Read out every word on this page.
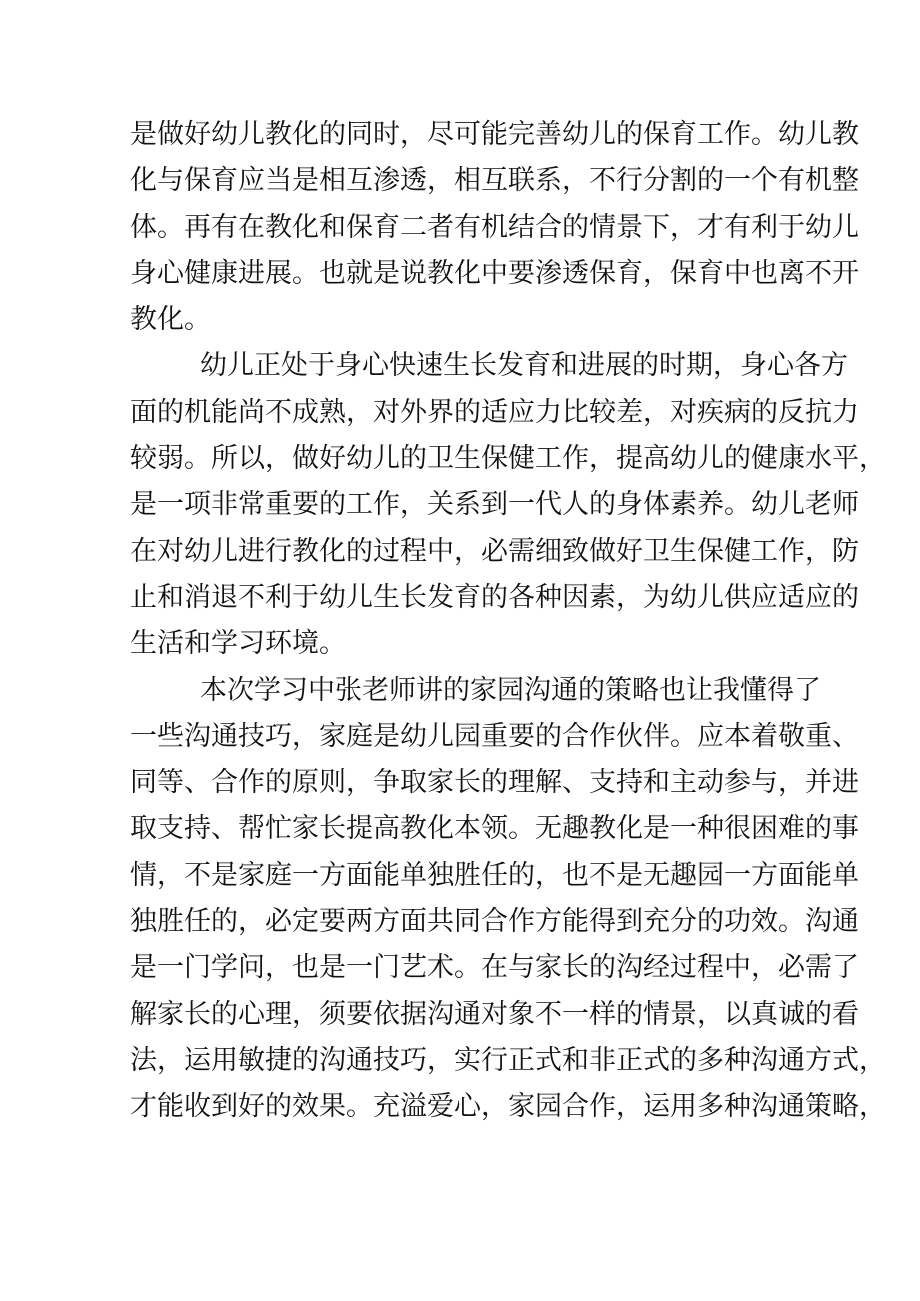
是做好幼儿教化的同时，尽可能完善幼儿的保育工作。幼儿教
化与保育应当是相互渗透，相互联系，不行分割的一个有机整
体。再有在教化和保育二者有机结合的情景下，才有利于幼儿
身心健康进展。也就是说教化中要渗透保育，保育中也离不开
教化。
幼儿正处于身心快速生长发育和进展的时期，身心各方
面的机能尚不成熟，对外界的适应力比较差，对疾病的反抗力
较弱。所以，做好幼儿的卫生保健工作，提高幼儿的健康水平，
是一项非常重要的工作，关系到一代人的身体素养。幼儿老师
在对幼儿进行教化的过程中，必需细致做好卫生保健工作，防
止和消退不利于幼儿生长发育的各种因素，为幼儿供应适应的
生活和学习环境。
本次学习中张老师讲的家园沟通的策略也让我懂得了
一些沟通技巧，家庭是幼儿园重要的合作伙伴。应本着敬重、
同等、合作的原则，争取家长的理解、支持和主动参与，并进
取支持、帮忙家长提高教化本领。无趣教化是一种很困难的事
情，不是家庭一方面能单独胜任的，也不是无趣园一方面能单
独胜任的，必定要两方面共同合作方能得到充分的功效。沟通
是一门学问，也是一门艺术。在与家长的沟经过程中，必需了
解家长的心理，须要依据沟通对象不一样的情景，以真诚的看
法，运用敏捷的沟通技巧，实行正式和非正式的多种沟通方式，
才能收到好的效果。充溢爱心，家园合作，运用多种沟通策略，
